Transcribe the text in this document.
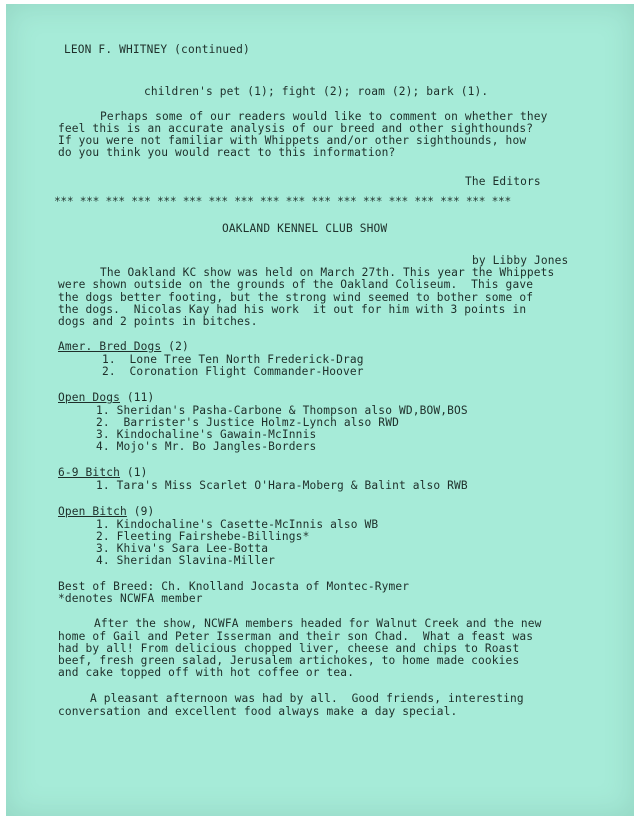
LEON F. WHITNEY (continued)
children's pet (1); fight (2); roam (2); bark (1).
Perhaps some of our readers would like to comment on whether they
feel this is an accurate analysis of our breed and other sighthounds?
If you were not familiar with Whippets and/or other sighthounds, how
do you think you would react to this information?
The Editors
*** *** *** *** *** *** *** *** *** *** *** *** *** *** *** *** *** ***
OAKLAND KENNEL CLUB SHOW
by Libby Jones
The Oakland KC show was held on March 27th. This year the Whippets
were shown outside on the grounds of the Oakland Coliseum.  This gave
the dogs better footing, but the strong wind seemed to bother some of
the dogs.  Nicolas Kay had his work  it out for him with 3 points in
dogs and 2 points in bitches.
Amer. Bred Dogs (2)
1.  Lone Tree Ten North Frederick-Drag
2.  Coronation Flight Commander-Hoover
Open Dogs (11)
1. Sheridan's Pasha-Carbone & Thompson also WD,BOW,BOS
2.  Barrister's Justice Holmz-Lynch also RWD
3. Kindochaline's Gawain-McInnis
4. Mojo's Mr. Bo Jangles-Borders
6-9 Bitch (1)
1. Tara's Miss Scarlet O'Hara-Moberg & Balint also RWB
Open Bitch (9)
1. Kindochaline's Casette-McInnis also WB
2. Fleeting Fairshebe-Billings*
3. Khiva's Sara Lee-Botta
4. Sheridan Slavina-Miller
Best of Breed: Ch. Knolland Jocasta of Montec-Rymer
*denotes NCWFA member
After the show, NCWFA members headed for Walnut Creek and the new
home of Gail and Peter Isserman and their son Chad.  What a feast was
had by all! From delicious chopped liver, cheese and chips to Roast
beef, fresh green salad, Jerusalem artichokes, to home made cookies
and cake topped off with hot coffee or tea.
A pleasant afternoon was had by all.  Good friends, interesting
conversation and excellent food always make a day special.
